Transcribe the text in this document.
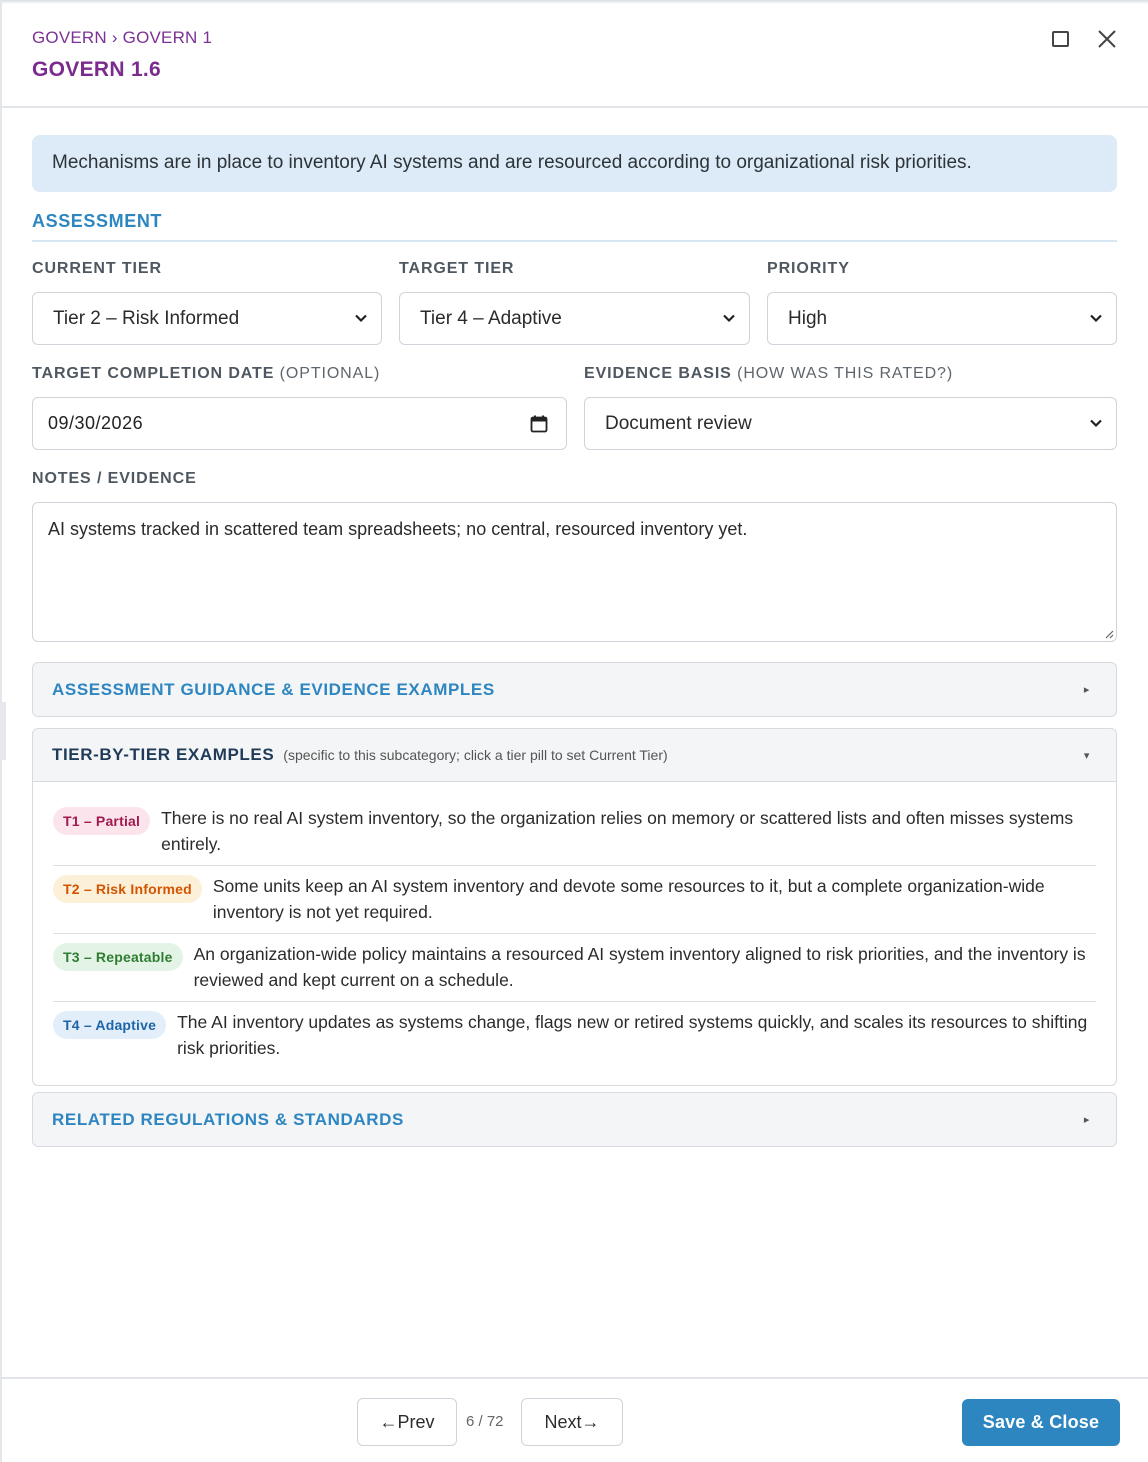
GOVERN › GOVERN 1
GOVERN 1.6
Mechanisms are in place to inventory AI systems and are resourced according to organizational risk priorities.
ASSESSMENT
CURRENT TIER	TARGET TIER	PRIORITY
Tier 2 – Risk Informed	Tier 4 – Adaptive	High
TARGET COMPLETION DATE (OPTIONAL)	EVIDENCE BASIS (HOW WAS THIS RATED?)
09/30/2026	Document review
NOTES / EVIDENCE
AI systems tracked in scattered team spreadsheets; no central, resourced inventory yet.
ASSESSMENT GUIDANCE & EVIDENCE EXAMPLES	▸
TIER-BY-TIER EXAMPLES (specific to this subcategory; click a tier pill to set Current Tier)	▾
T1 – Partial	There is no real AI system inventory, so the organization relies on memory or scattered lists and often misses systems entirely.
T2 – Risk Informed	Some units keep an AI system inventory and devote some resources to it, but a complete organization-wide inventory is not yet required.
T3 – Repeatable	An organization-wide policy maintains a resourced AI system inventory aligned to risk priorities, and the inventory is reviewed and kept current on a schedule.
T4 – Adaptive	The AI inventory updates as systems change, flags new or retired systems quickly, and scales its resources to shifting risk priorities.
RELATED REGULATIONS & STANDARDS	▸
←Prev	6 / 72	Next→	Save & Close
